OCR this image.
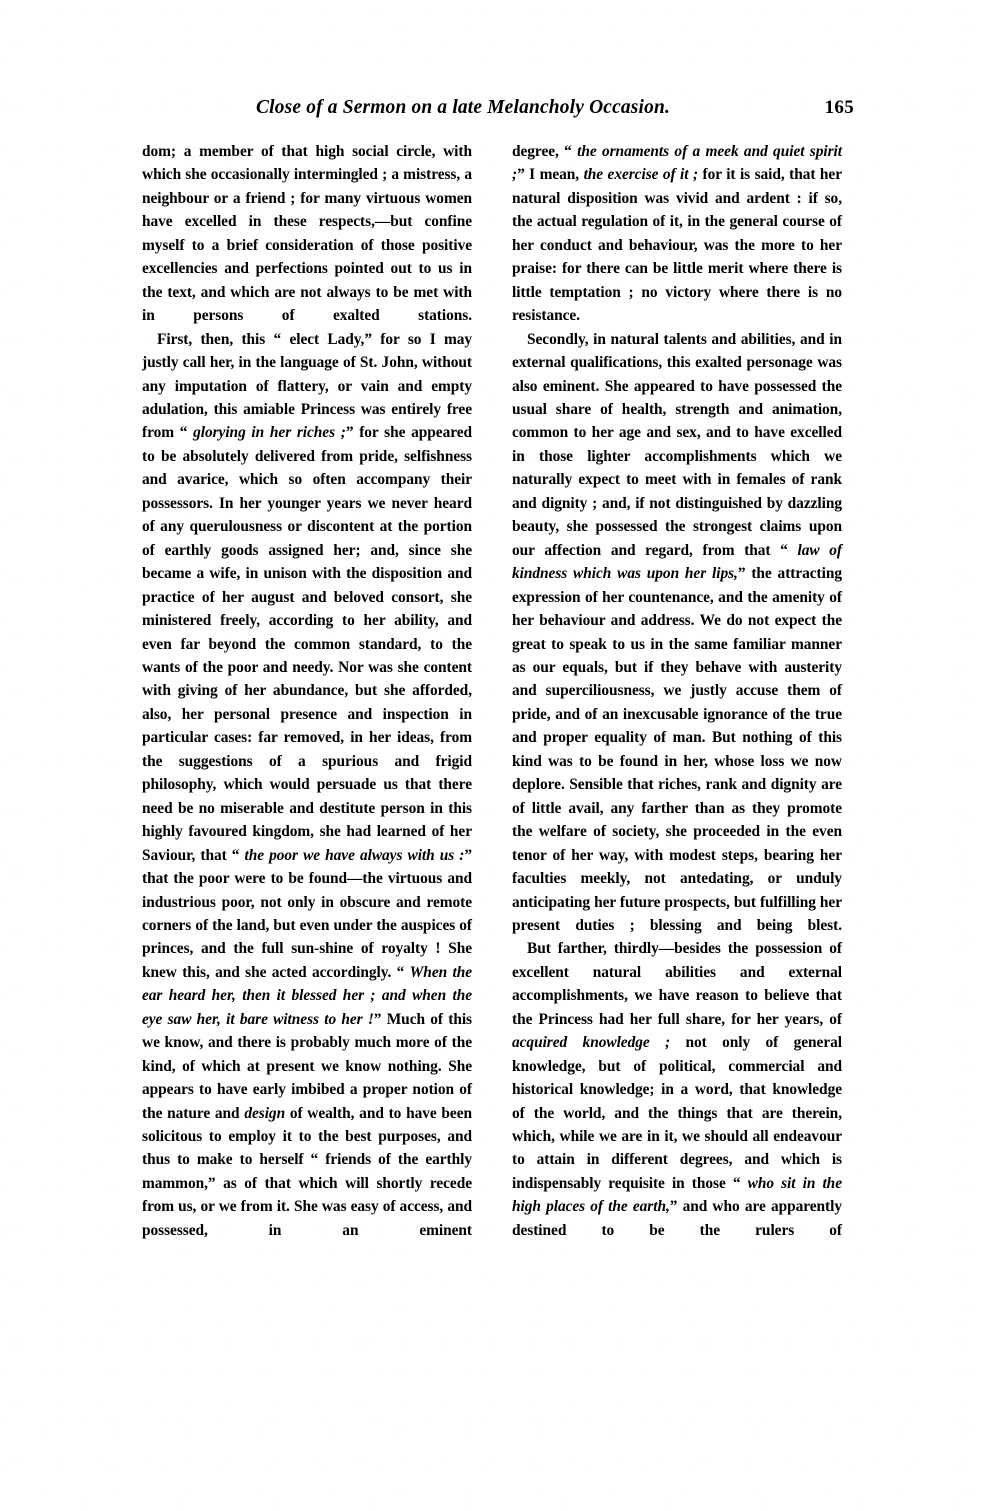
Close of a Sermon on a late Melancholy Occasion.	165

dom; a member of that high social circle, with which she occasionally intermingled ; a mistress, a neighbour or a friend ; for many virtuous women have excelled in these respects,—but confine myself to a brief consideration of those positive excellencies and perfections pointed out to us in the text, and which are not always to be met with in persons of exalted stations.

First, then, this “ elect Lady,” for so I may justly call her, in the language of St. John, without any imputation of flattery, or vain and empty adulation, this amiable Princess was entirely free from “ glorying in her riches ;” for she appeared to be absolutely delivered from pride, selfishness and avarice, which so often accompany their possessors. In her younger years we never heard of any querulousness or discontent at the portion of earthly goods assigned her; and, since she became a wife, in unison with the disposition and practice of her august and beloved consort, she ministered freely, according to her ability, and even far beyond the common standard, to the wants of the poor and needy. Nor was she content with giving of her abundance, but she afforded, also, her personal presence and inspection in particular cases: far removed, in her ideas, from the suggestions of a spurious and frigid philosophy, which would persuade us that there need be no miserable and destitute person in this highly favoured kingdom, she had learned of her Saviour, that “ the poor we have always with us :” that the poor were to be found—the virtuous and industrious poor, not only in obscure and remote corners of the land, but even under the auspices of princes, and the full sun-shine of royalty ! She knew this, and she acted accordingly. “ When the ear heard her, then it blessed her ; and when the eye saw her, it bare witness to her !” Much of this we know, and there is probably much more of the kind, of which at present we know nothing. She appears to have early imbibed a proper notion of the nature and design of wealth, and to have been solicitous to employ it to the best purposes, and thus to make to herself “ friends of the earthly mammon,” as of that which will shortly recede from us, or we from it. She was easy of access, and possessed, in an eminent

degree, “ the ornaments of a meek and quiet spirit ;” I mean, the exercise of it ; for it is said, that her natural disposition was vivid and ardent : if so, the actual regulation of it, in the general course of her conduct and behaviour, was the more to her praise: for there can be little merit where there is little temptation ; no victory where there is no resistance.

Secondly, in natural talents and abilities, and in external qualifications, this exalted personage was also eminent. She appeared to have possessed the usual share of health, strength and animation, common to her age and sex, and to have excelled in those lighter accomplishments which we naturally expect to meet with in females of rank and dignity ; and, if not distinguished by dazzling beauty, she possessed the strongest claims upon our affection and regard, from that “ law of kindness which was upon her lips,” the attracting expression of her countenance, and the amenity of her behaviour and address. We do not expect the great to speak to us in the same familiar manner as our equals, but if they behave with austerity and superciliousness, we justly accuse them of pride, and of an inexcusable ignorance of the true and proper equality of man. But nothing of this kind was to be found in her, whose loss we now deplore. Sensible that riches, rank and dignity are of little avail, any farther than as they promote the welfare of society, she proceeded in the even tenor of her way, with modest steps, bearing her faculties meekly, not antedating, or unduly anticipating her future prospects, but fulfilling her present duties ; blessing and being blest.

But farther, thirdly—besides the possession of excellent natural abilities and external accomplishments, we have reason to believe that the Princess had her full share, for her years, of acquired knowledge ; not only of general knowledge, but of political, commercial and historical knowledge; in a word, that knowledge of the world, and the things that are therein, which, while we are in it, we should all endeavour to attain in different degrees, and which is indispensably requisite in those “ who sit in the high places of the earth,” and who are apparently destined to be the rulers of
